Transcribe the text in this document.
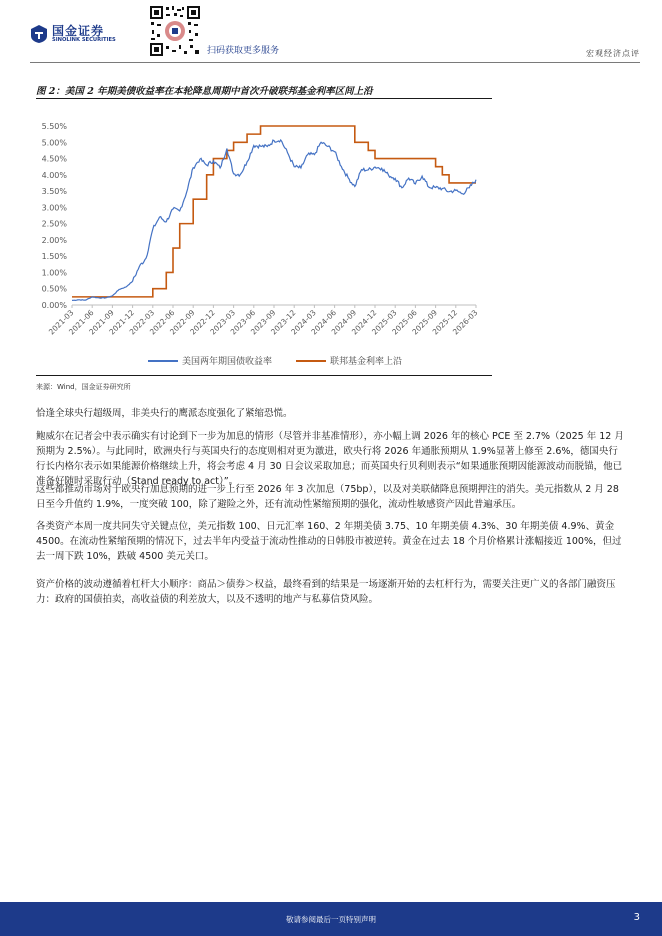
国金证券
SINOLINK SECURITIES
扫码获取更多服务	宏观经济点评
图 2：美国 2 年期美债收益率在本轮降息周期中首次升破联邦基金利率区间上沿
0.00%
0.50%
1.00%
1.50%
2.00%
2.50%
3.00%
3.50%
4.00%
4.50%
5.00%
5.50%
2021-03
2021-06
2021-09
2021-12
2022-03
2022-06
2022-09
2022-12
2023-03
2023-06
2023-09
2023-12
2024-03
2024-06
2024-09
2024-12
2025-03
2025-06
2025-09
2025-12
2026-03
美国两年期国债收益率	联邦基金利率上沿
来源：Wind，国金证券研究所

恰逢全球央行超级周，非美央行的鹰派态度强化了紧缩恐慌。

鲍威尔在记者会中表示确实有讨论到下一步为加息的情形（尽管并非基准情形），亦小幅上调 2026 年的核心 PCE 至 2.7%（2025 年 12 月预期为 2.5%）。与此同时，欧洲央行与英国央行的态度则相对更为激进，欧央行将 2026 年通胀预期从 1.9%显著上修至 2.6%，德国央行行长内格尔表示如果能源价格继续上升，将会考虑 4 月 30 日会议采取加息；而英国央行贝利则表示“如果通胀预期因能源波动而脱锚，他已准备好随时采取行动（Stand ready to act）”。

这些都推动市场对于欧央行加息预期的进一步上行至 2026 年 3 次加息（75bp），以及对美联储降息预期押注的消失。美元指数从 2 月 28 日至今升值约 1.9%，一度突破 100，除了避险之外，还有流动性紧缩预期的强化，流动性敏感资产因此普遍承压。

各类资产本周一度共同失守关键点位，美元指数 100、日元汇率 160、2 年期美债 3.75、10 年期美债 4.3%、30 年期美债 4.9%、黄金 4500。在流动性紧缩预期的情况下，过去半年内受益于流动性推动的日韩股市被逆转。黄金在过去 18 个月价格累计涨幅接近 100%，但过去一周下跌 10%，跌破 4500 美元关口。

资产价格的波动遵循着杠杆大小顺序：商品＞债券＞权益，最终看到的结果是一场逐渐开始的去杠杆行为，需要关注更广义的各部门融资压力：政府的国债拍卖，高收益债的利差放大，以及不透明的地产与私募信贷风险。

敬请参阅最后一页特别声明	3
